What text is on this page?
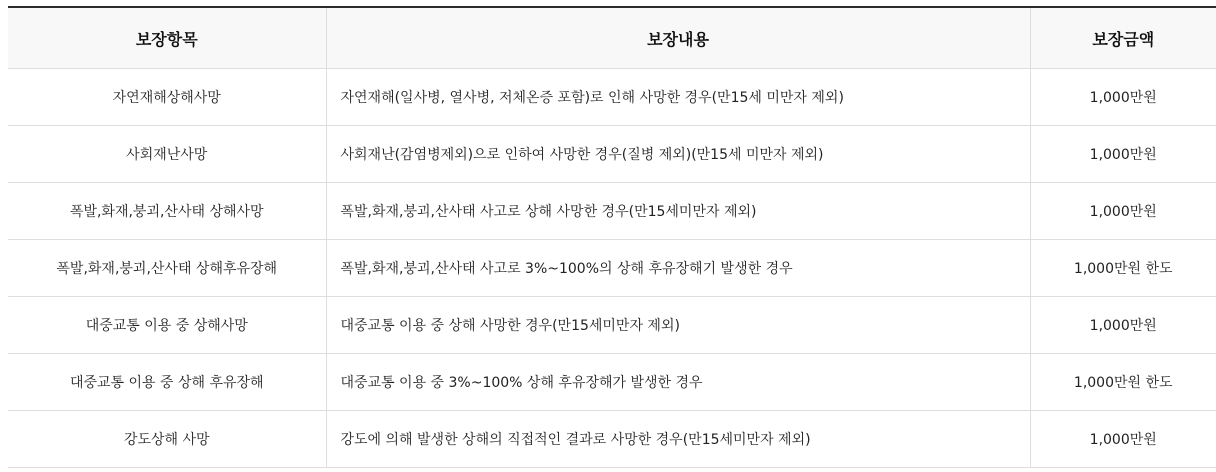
보장항목	보장내용	보장금액
자연재해상해사망	자연재해(일사병, 열사병, 저체온증 포함)로 인해 사망한 경우(만15세 미만자 제외)	1,000만원
사회재난사망	사회재난(감염병제외)으로 인하여 사망한 경우(질병 제외)(만15세 미만자 제외)	1,000만원
폭발,화재,붕괴,산사태 상해사망	폭발,화재,붕괴,산사태 사고로 상해 사망한 경우(만15세미만자 제외)	1,000만원
폭발,화재,붕괴,산사태 상해후유장해	폭발,화재,붕괴,산사태 사고로 3%~100%의 상해 후유장해기 발생한 경우	1,000만원 한도
대중교통 이용 중 상해사망	대중교통 이용 중 상해 사망한 경우(만15세미만자 제외)	1,000만원
대중교통 이용 중 상해 후유장해	대중교통 이용 중 3%~100% 상해 후유장해가 발생한 경우	1,000만원 한도
강도상해 사망	강도에 의해 발생한 상해의 직접적인 결과로 사망한 경우(만15세미만자 제외)	1,000만원
